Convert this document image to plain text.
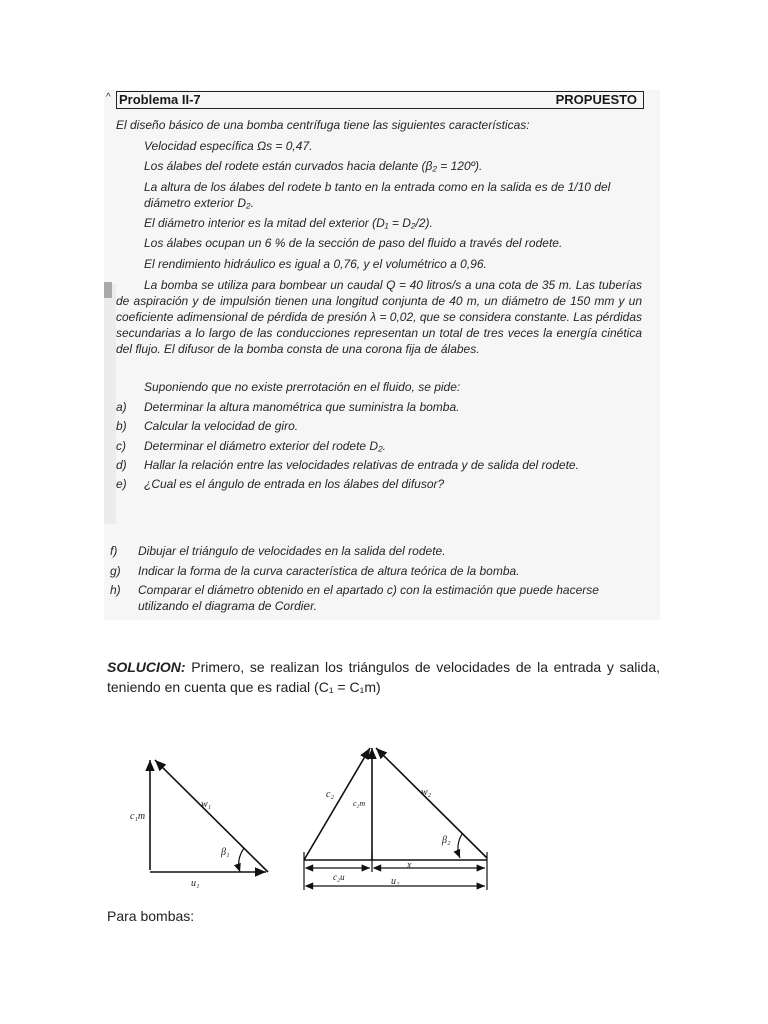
^ Problema II-7	PROPUESTO
El diseño básico de una bomba centrífuga tiene las siguientes características:
Velocidad específica Ωs = 0,47.
Los álabes del rodete están curvados hacia delante (β₂ = 120º).
La altura de los álabes del rodete b tanto en la entrada como en la salida es de 1/10 del
diámetro exterior D₂.
El diámetro interior es la mitad del exterior (D₁ = D₂/2).
Los álabes ocupan un 6 % de la sección de paso del fluido a través del rodete.
El rendimiento hidráulico es igual a 0,76, y el volumétrico a 0,96.
La bomba se utiliza para bombear un caudal Q = 40 litros/s a una cota de 35 m. Las tuberías de aspiración y de impulsión tienen una longitud conjunta de 40 m, un diámetro de 150 mm y un coeficiente adimensional de pérdida de presión λ = 0,02, que se considera constante. Las pérdidas secundarias a lo largo de las conducciones representan un total de tres veces la energía cinética del flujo. El difusor de la bomba consta de una corona fija de álabes.
Suponiendo que no existe prerrotación en el fluido, se pide:
a) Determinar la altura manométrica que suministra la bomba.
b) Calcular la velocidad de giro.
c) Determinar el diámetro exterior del rodete D₂.
d) Hallar la relación entre las velocidades relativas de entrada y de salida del rodete.
e) ¿Cual es el ángulo de entrada en los álabes del difusor?
f) Dibujar el triángulo de velocidades en la salida del rodete.
g) Indicar la forma de la curva característica de altura teórica de la bomba.
h) Comparar el diámetro obtenido en el apartado c) con la estimación que puede hacerse
utilizando el diagrama de Cordier.
SOLUCION: Primero, se realizan los triángulos de velocidades de la entrada y salida, teniendo en cuenta que es radial (C₁ = C₁m)
c₁m
w₁
β₁
u₁
c₂
c₂m
w₂
β₂
c₂u
x
u₂
Para bombas:
